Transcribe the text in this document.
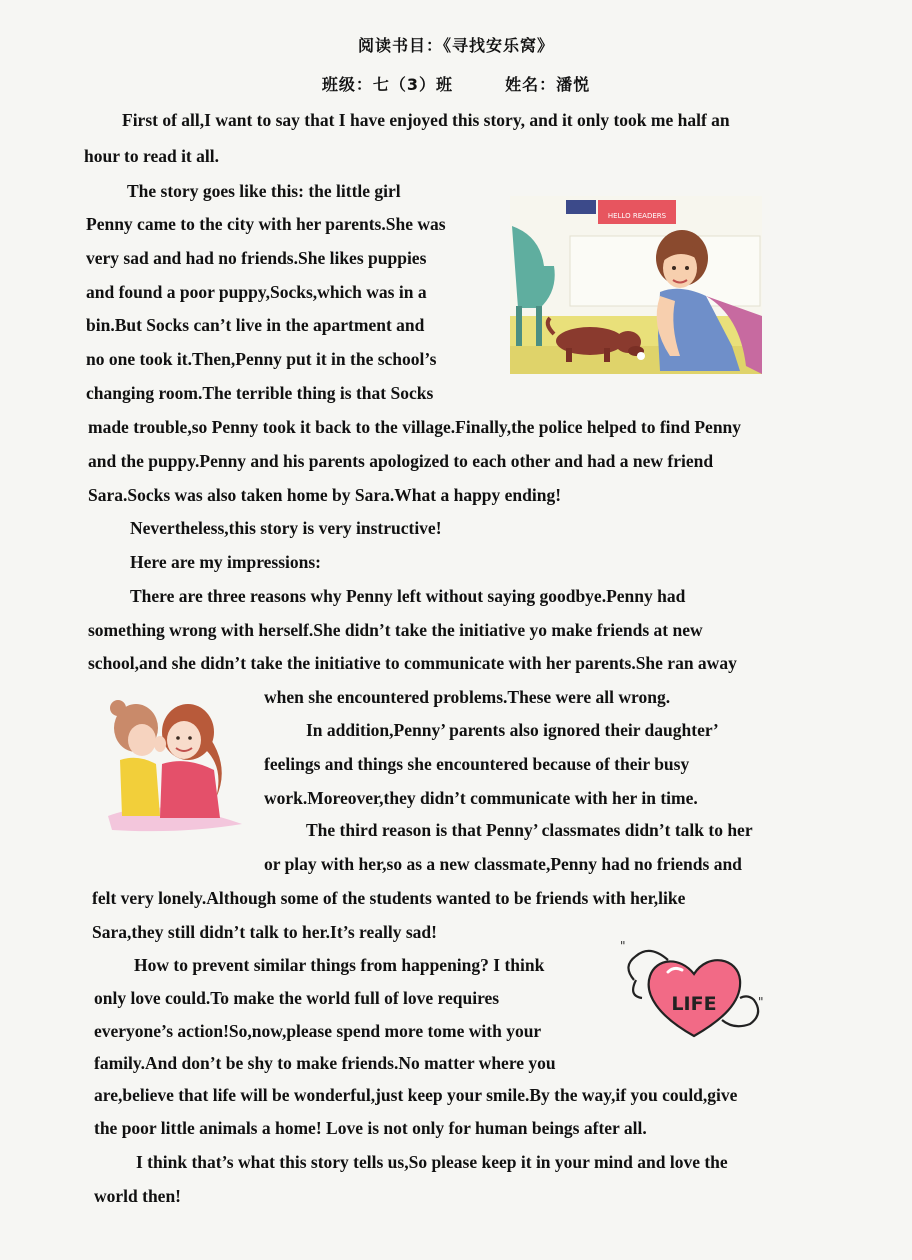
阅读书目：《寻找安乐窝》
班级：七（3）班	姓名：潘悦
First of all,I want to say that I have enjoyed this story, and it only took me half an
hour to read it all.
The story goes like this: the little girl
Penny came to the city with her parents.She was
very sad and had no friends.She likes puppies
and found a poor puppy,Socks,which was in a
bin.But Socks can’t live in the apartment and
no one took it.Then,Penny put it in the school’s
changing room.The terrible thing is that Socks
made trouble,so Penny took it back to the village.Finally,the police helped to find Penny
and the puppy.Penny and his parents apologized to each other and had a new friend
Sara.Socks was also taken home by Sara.What a happy ending!
Nevertheless,this story is very instructive!
Here are my impressions:
There are three reasons why Penny left without saying goodbye.Penny had
something wrong with herself.She didn’t take the initiative yo make friends at new
school,and she didn’t take the initiative to communicate with her parents.She ran away
when she encountered problems.These were all wrong.
In addition,Penny’ parents also ignored their daughter’
feelings and things she encountered because of their busy
work.Moreover,they didn’t communicate with her in time.
The third reason is that Penny’ classmates didn’t talk to her
or play with her,so as a new classmate,Penny had no friends and
felt very lonely.Although some of the students wanted to be friends with her,like
Sara,they still didn’t talk to her.It’s really sad!
How to prevent similar things from happening? I think
only love could.To make the world full of love requires
everyone’s action!So,now,please spend more tome with your
family.And don’t be shy to make friends.No matter where you
are,believe that life will be wonderful,just keep your smile.By the way,if you could,give
the poor little animals a home! Love is not only for human beings after all.
I think that’s what this story tells us,So please keep it in your mind and love the
world then!
HELLO READERS
"
"
LIFE
